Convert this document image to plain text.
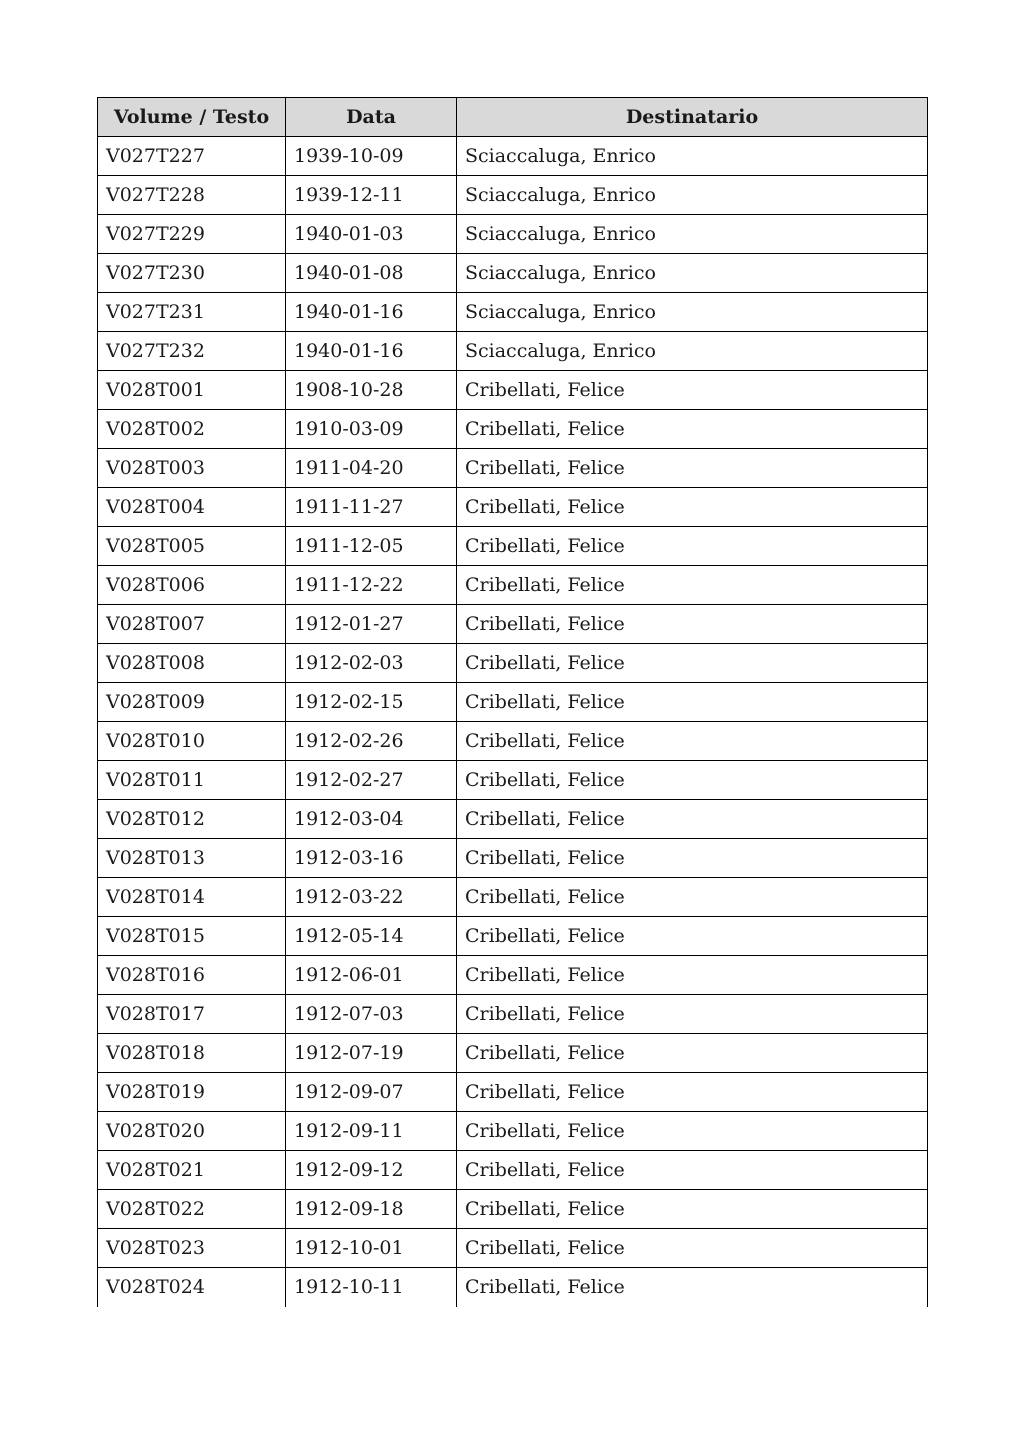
Volume / Testo	Data	Destinatario
V027T227	1939-10-09	Sciaccaluga, Enrico
V027T228	1939-12-11	Sciaccaluga, Enrico
V027T229	1940-01-03	Sciaccaluga, Enrico
V027T230	1940-01-08	Sciaccaluga, Enrico
V027T231	1940-01-16	Sciaccaluga, Enrico
V027T232	1940-01-16	Sciaccaluga, Enrico
V028T001	1908-10-28	Cribellati, Felice
V028T002	1910-03-09	Cribellati, Felice
V028T003	1911-04-20	Cribellati, Felice
V028T004	1911-11-27	Cribellati, Felice
V028T005	1911-12-05	Cribellati, Felice
V028T006	1911-12-22	Cribellati, Felice
V028T007	1912-01-27	Cribellati, Felice
V028T008	1912-02-03	Cribellati, Felice
V028T009	1912-02-15	Cribellati, Felice
V028T010	1912-02-26	Cribellati, Felice
V028T011	1912-02-27	Cribellati, Felice
V028T012	1912-03-04	Cribellati, Felice
V028T013	1912-03-16	Cribellati, Felice
V028T014	1912-03-22	Cribellati, Felice
V028T015	1912-05-14	Cribellati, Felice
V028T016	1912-06-01	Cribellati, Felice
V028T017	1912-07-03	Cribellati, Felice
V028T018	1912-07-19	Cribellati, Felice
V028T019	1912-09-07	Cribellati, Felice
V028T020	1912-09-11	Cribellati, Felice
V028T021	1912-09-12	Cribellati, Felice
V028T022	1912-09-18	Cribellati, Felice
V028T023	1912-10-01	Cribellati, Felice
V028T024	1912-10-11	Cribellati, Felice
